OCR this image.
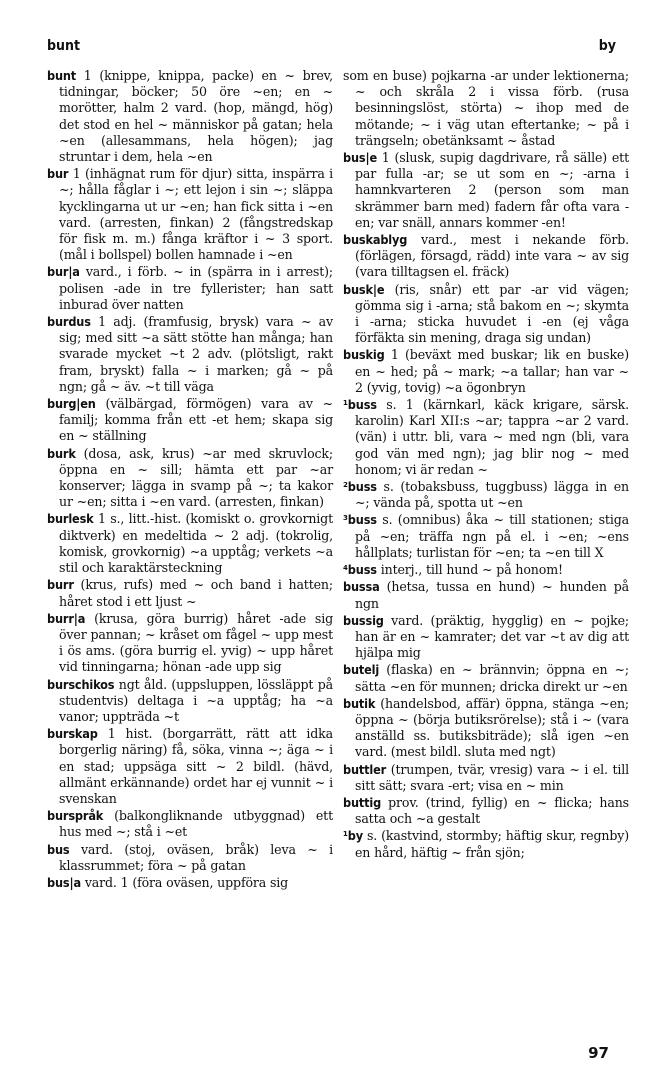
bunt	by

bunt 1 (knippe, knippa, packe) en ~ brev, tidningar, böcker; 50 öre ~en; en ~ morötter, halm 2 vard. (hop, mängd, hög) det stod en hel ~ människor på gatan; hela ~en (allesammans, hela högen); jag struntar i dem, hela ~en

bur 1 (inhägnat rum för djur) sitta, inspärra i ~; hålla fåglar i ~; ett lejon i sin ~; släppa kycklingarna ut ur ~en; han fick sitta i ~en vard. (arresten, finkan) 2 (fångstredskap för fisk m. m.) fånga kräftor i ~ 3 sport. (mål i bollspel) bollen hamnade i ~en

bur|a vard., i förb. ~ in (spärra in i arrest); polisen -ade in tre fyllerister; han satt inburad över natten

burdus 1 adj. (framfusig, brysk) vara ~ av sig; med sitt ~a sätt stötte han många; han svarade mycket ~t 2 adv. (plötsligt, rakt fram, bryskt) falla ~ i marken; gå ~ på ngn; gå ~ äv. ~t till väga

burg|en (välbärgad, förmögen) vara av ~ familj; komma från ett -et hem; skapa sig en ~ ställning

burk (dosa, ask, krus) ~ar med skruvlock; öppna en ~ sill; hämta ett par ~ar konserver; lägga in svamp på ~; ta kakor ur ~en; sitta i ~en vard. (arresten, finkan)

burlesk 1 s., litt.-hist. (komiskt o. grovkornigt diktverk) en medeltida ~ 2 adj. (tokrolig, komisk, grovkornig) ~a upptåg; verkets ~a stil och karaktärsteckning

burr (krus, rufs) med ~ och band i hatten; håret stod i ett ljust ~

burr|a (krusa, göra burrig) håret -ade sig över pannan; ~ kråset om fågel ~ upp mest i ös ams. (göra burrig el. yvig) ~ upp håret vid tinningarna; hönan -ade upp sig

burschikos ngt åld. (uppsluppen, lössläppt på studentvis) deltaga i ~a upptåg; ha ~a vanor; uppträda ~t

burskap 1 hist. (borgarrätt, rätt att idka borgerlig näring) få, söka, vinna ~; äga ~ i en stad; uppsäga sitt ~ 2 bildl. (hävd, allmänt erkännande) ordet har ej vunnit ~ i svenskan

burspråk (balkongliknande utbyggnad) ett hus med ~; stå i ~et

bus vard. (stoj, oväsen, bråk) leva ~ i klassrummet; föra ~ på gatan

bus|a vard. 1 (föra oväsen, uppföra sig

som en buse) pojkarna -ar under lektionerna; ~ och skråla 2 i vissa förb. (rusa besinningslöst, störta) ~ ihop med de mötande; ~ i väg utan eftertanke; ~ på i trängseln; obetänksamt ~ åstad

bus|e 1 (slusk, supig dagdrivare, rå sälle) ett par fulla -ar; se ut som en ~; -arna i hamnkvarteren 2 (person som man skrämmer barn med) fadern får ofta vara -en; var snäll, annars kommer -en!

buskablyg vard., mest i nekande förb. (förlägen, försagd, rädd) inte vara ~ av sig (vara tilltagsen el. fräck)

busk|e (ris, snår) ett par -ar vid vägen; gömma sig i -arna; stå bakom en ~; skymta i -arna; sticka huvudet i -en (ej våga förfäkta sin mening, draga sig undan)

buskig 1 (beväxt med buskar; lik en buske) en ~ hed; på ~ mark; ~a tallar; han var ~ 2 (yvig, tovig) ~a ögonbryn

¹buss s. 1 (kärnkarl, käck krigare, särsk. karolin) Karl XII:s ~ar; tappra ~ar 2 vard. (vän) i uttr. bli, vara ~ med ngn (bli, vara god vän med ngn); jag blir nog ~ med honom; vi är redan ~

²buss s. (tobaksbuss, tuggbuss) lägga in en ~; vända på, spotta ut ~en

³buss s. (omnibus) åka ~ till stationen; stiga på ~en; träffa ngn på el. i ~en; ~ens hållplats; turlistan för ~en; ta ~en till X

⁴buss interj., till hund ~ på honom!

bussa (hetsa, tussa en hund) ~ hunden på ngn

bussig vard. (präktig, hygglig) en ~ pojke; han är en ~ kamrater; det var ~t av dig att hjälpa mig

butelj (flaska) en ~ brännvin; öppna en ~; sätta ~en för munnen; dricka direkt ur ~en

butik (handelsbod, affär) öppna, stänga ~en; öppna ~ (börja butiksrörelse); stå i ~ (vara anställd ss. butiksbiträde); slå igen ~en vard. (mest bildl. sluta med ngt)

buttler (trumpen, tvär, vresig) vara ~ i el. till sitt sätt; svara -ert; visa en ~ min

buttig prov. (trind, fyllig) en ~ flicka; hans satta och ~a gestalt

¹by s. (kastvind, stormby; häftig skur, regnby) en hård, häftig ~ från sjön;

97
